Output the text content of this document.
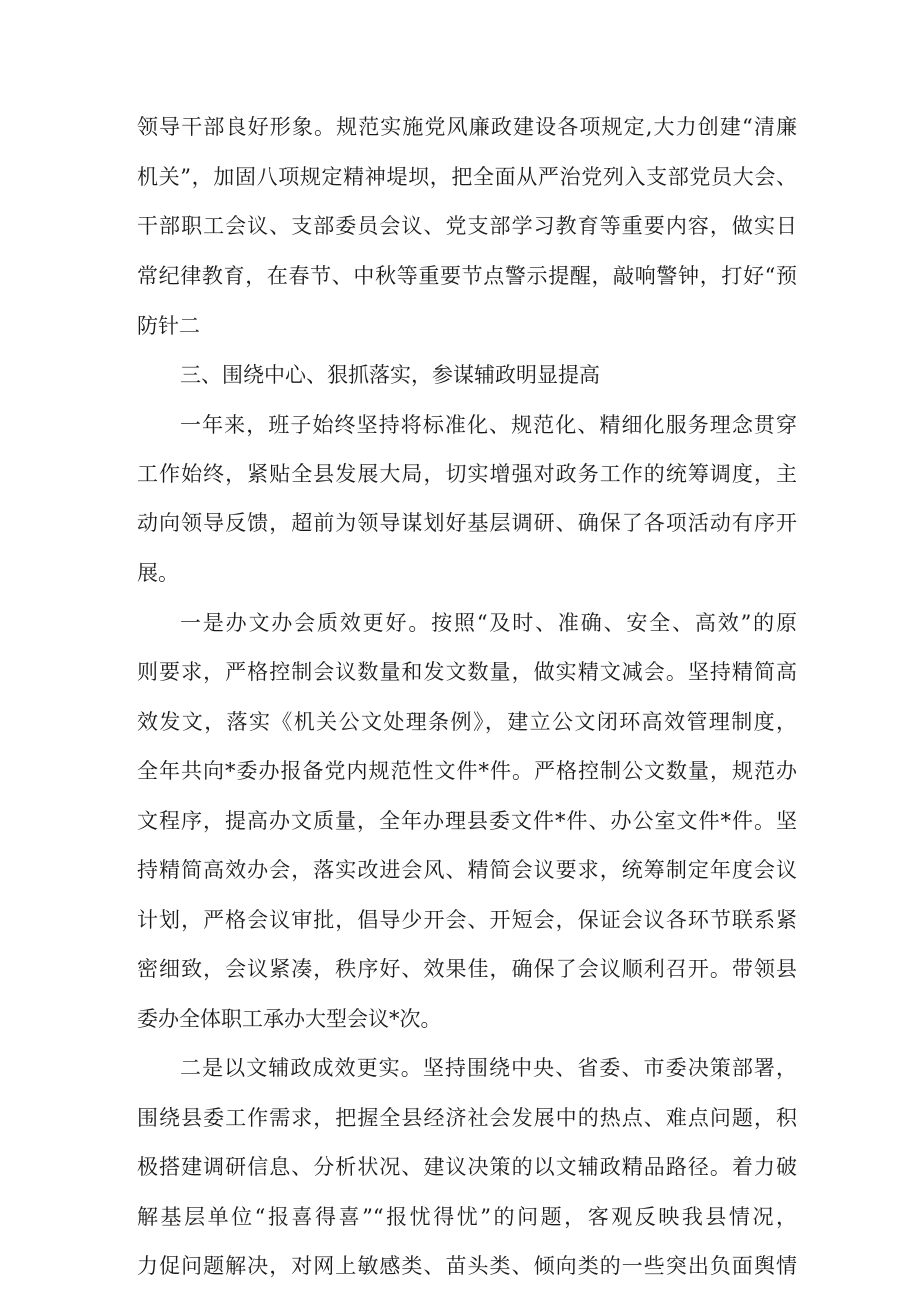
领导干部良好形象。规范实施党风廉政建设各项规定,大力创建“清廉
机关”，加固八项规定精神堤坝，把全面从严治党列入支部党员大会、
干部职工会议、支部委员会议、党支部学习教育等重要内容，做实日
常纪律教育，在春节、中秋等重要节点警示提醒，敲响警钟，打好“预
防针二
三、围绕中心、狠抓落实，参谋辅政明显提高
一年来，班子始终坚持将标准化、规范化、精细化服务理念贯穿
工作始终，紧贴全县发展大局，切实增强对政务工作的统筹调度，主
动向领导反馈，超前为领导谋划好基层调研、确保了各项活动有序开
展。
一是办文办会质效更好。按照“及时、准确、安全、高效”的原
则要求，严格控制会议数量和发文数量，做实精文减会。坚持精简高
效发文，落实《机关公文处理条例》，建立公文闭环高效管理制度，
全年共向*委办报备党内规范性文件*件。严格控制公文数量，规范办
文程序，提高办文质量，全年办理县委文件*件、办公室文件*件。坚
持精简高效办会，落实改进会风、精简会议要求，统筹制定年度会议
计划，严格会议审批，倡导少开会、开短会，保证会议各环节联系紧
密细致，会议紧凑，秩序好、效果佳，确保了会议顺利召开。带领县
委办全体职工承办大型会议*次。
二是以文辅政成效更实。坚持围绕中央、省委、市委决策部署，
围绕县委工作需求，把握全县经济社会发展中的热点、难点问题，积
极搭建调研信息、分析状况、建议决策的以文辅政精品路径。着力破
解基层单位“报喜得喜”“报忧得忧”的问题，客观反映我县情况，
力促问题解决，对网上敏感类、苗头类、倾向类的一些突出负面舆情
